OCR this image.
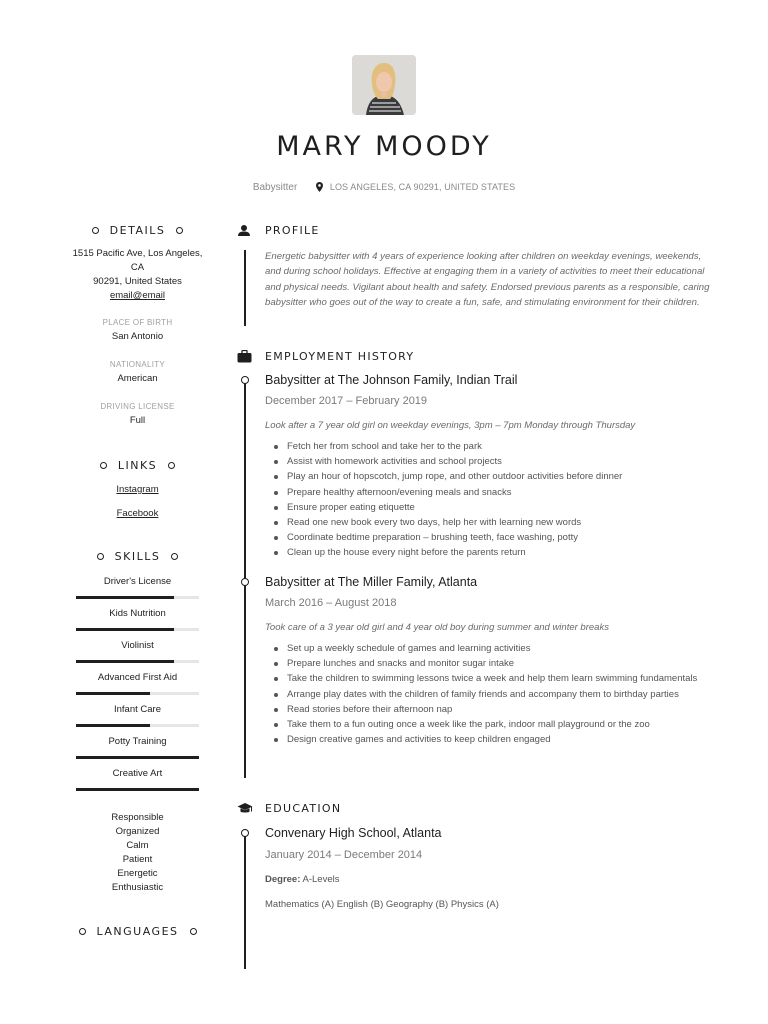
MARY MOODY
Babysitter	LOS ANGELES, CA 90291, UNITED STATES
DETAILS
1515 Pacific Ave, Los Angeles, CA
90291, United States
email@email
PLACE OF BIRTH
San Antonio
NATIONALITY
American
DRIVING LICENSE
Full
LINKS
Instagram
Facebook
SKILLS
Driver's License
Kids Nutrition
Violinist
Advanced First Aid
Infant Care
Potty Training
Creative Art
Responsible
Organized
Calm
Patient
Energetic
Enthusiastic
LANGUAGES
PROFILE
Energetic babysitter with 4 years of experience looking after children on weekday evenings, weekends, and during school holidays. Effective at engaging them in a variety of activities to meet their educational and physical needs. Vigilant about health and safety. Endorsed previous parents as a responsible, caring babysitter who goes out of the way to create a fun, safe, and stimulating environment for their children.
EMPLOYMENT HISTORY
Babysitter at The Johnson Family, Indian Trail
December 2017 – February 2019
Look after a 7 year old girl on weekday evenings, 3pm – 7pm Monday through Thursday
Fetch her from school and take her to the park
Assist with homework activities and school projects
Play an hour of hopscotch, jump rope, and other outdoor activities before dinner
Prepare healthy afternoon/evening meals and snacks
Ensure proper eating etiquette
Read one new book every two days, help her with learning new words
Coordinate bedtime preparation – brushing teeth, face washing, potty
Clean up the house every night before the parents return
Babysitter at The Miller Family, Atlanta
March 2016 – August 2018
Took care of a 3 year old girl and 4 year old boy during summer and winter breaks
Set up a weekly schedule of games and learning activities
Prepare lunches and snacks and monitor sugar intake
Take the children to swimming lessons twice a week and help them learn swimming fundamentals
Arrange play dates with the children of family friends and accompany them to birthday parties
Read stories before their afternoon nap
Take them to a fun outing once a week like the park, indoor mall playground or the zoo
Design creative games and activities to keep children engaged
EDUCATION
Convenary High School, Atlanta
January 2014 – December 2014
Degree: A-Levels
Mathematics (A) English (B) Geography (B) Physics (A)
